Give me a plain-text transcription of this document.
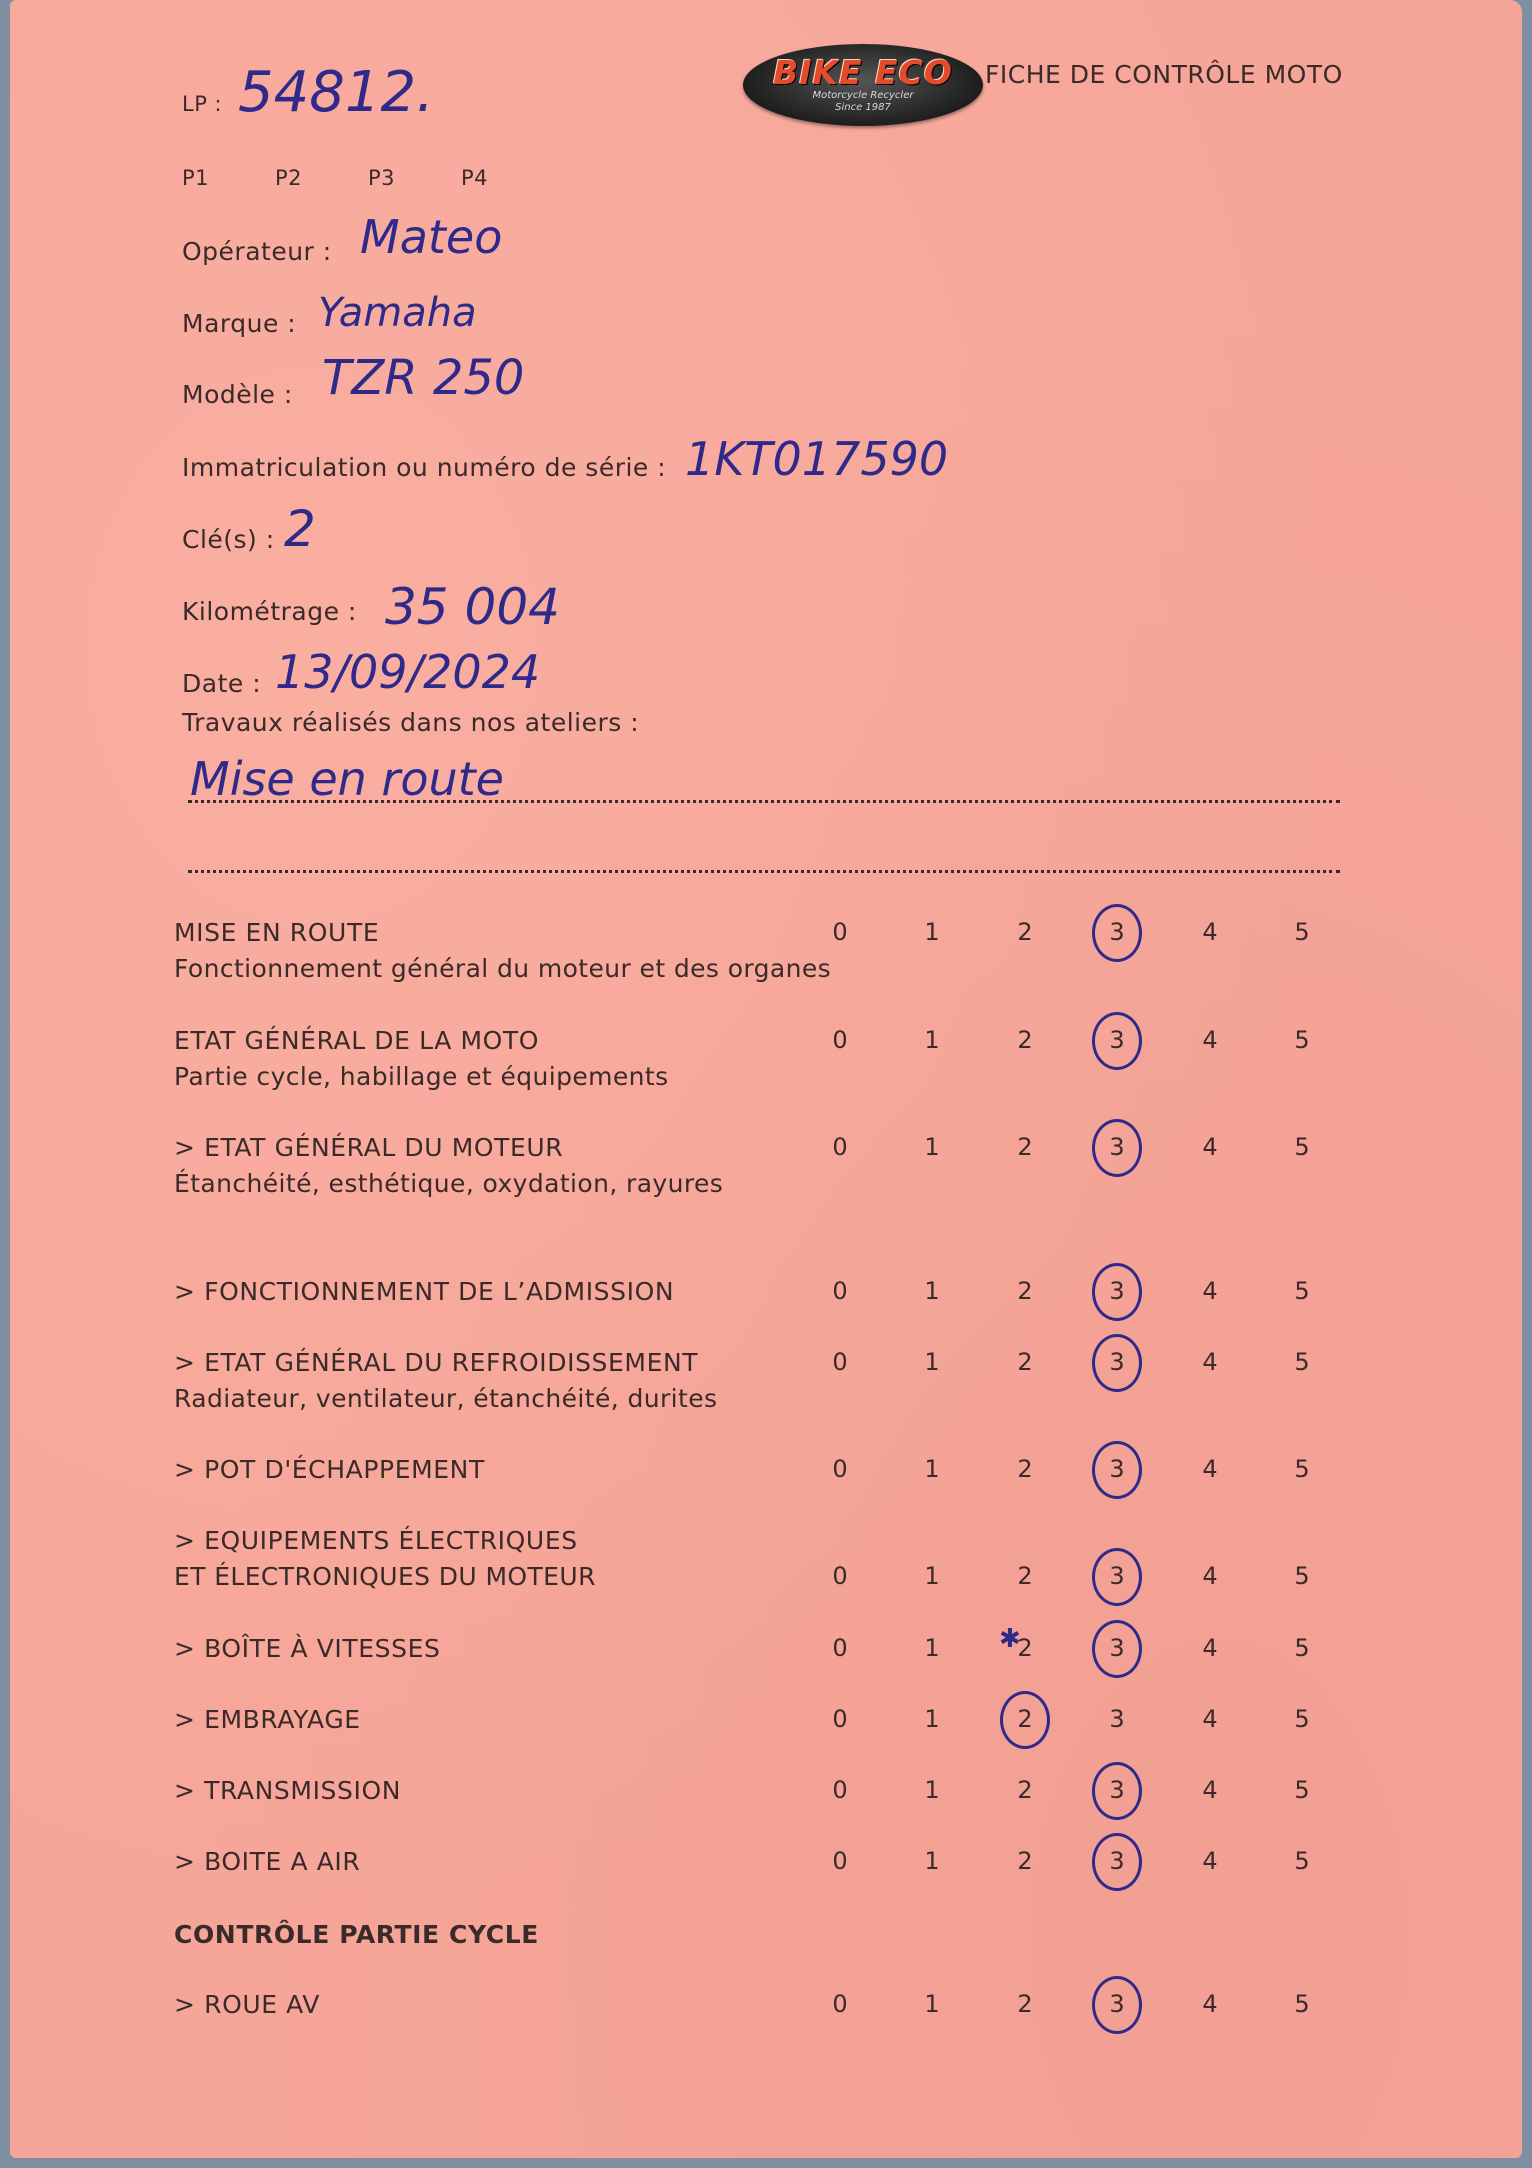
BIKE ECO
Motorcycle Recycler
Since 1987
FICHE DE CONTRÔLE MOTO
LP : 54812.
P1	P2	P3	P4
Opérateur : Mateo
Marque : Yamaha
Modèle : TZR 250
Immatriculation ou numéro de série : 1KT017590
Clé(s) : 2
Kilométrage : 35 004
Date : 13/09/2024
Travaux réalisés dans nos ateliers :
Mise en route
MISE EN ROUTE
Fonctionnement général du moteur et des organes
0	1	2	3	4	5
ETAT GÉNÉRAL DE LA MOTO
Partie cycle, habillage et équipements
0	1	2	3	4	5
> ETAT GÉNÉRAL DU MOTEUR
Étanchéité, esthétique, oxydation, rayures
0	1	2	3	4	5
> FONCTIONNEMENT DE L’ADMISSION	0	1	2	3	4	5
> ETAT GÉNÉRAL DU REFROIDISSEMENT
Radiateur, ventilateur, étanchéité, durites
0	1	2	3	4	5
> POT D'ÉCHAPPEMENT	0	1	2	3	4	5
> EQUIPEMENTS ÉLECTRIQUES
ET ÉLECTRONIQUES DU MOTEUR	0	1	2	3	4	5
> BOÎTE À VITESSES	0	1	2	3	4	5
✱
> EMBRAYAGE	0	1	2	3	4	5
> TRANSMISSION	0	1	2	3	4	5
> BOITE A AIR	0	1	2	3	4	5
CONTRÔLE PARTIE CYCLE
> ROUE AV	0	1	2	3	4	5
